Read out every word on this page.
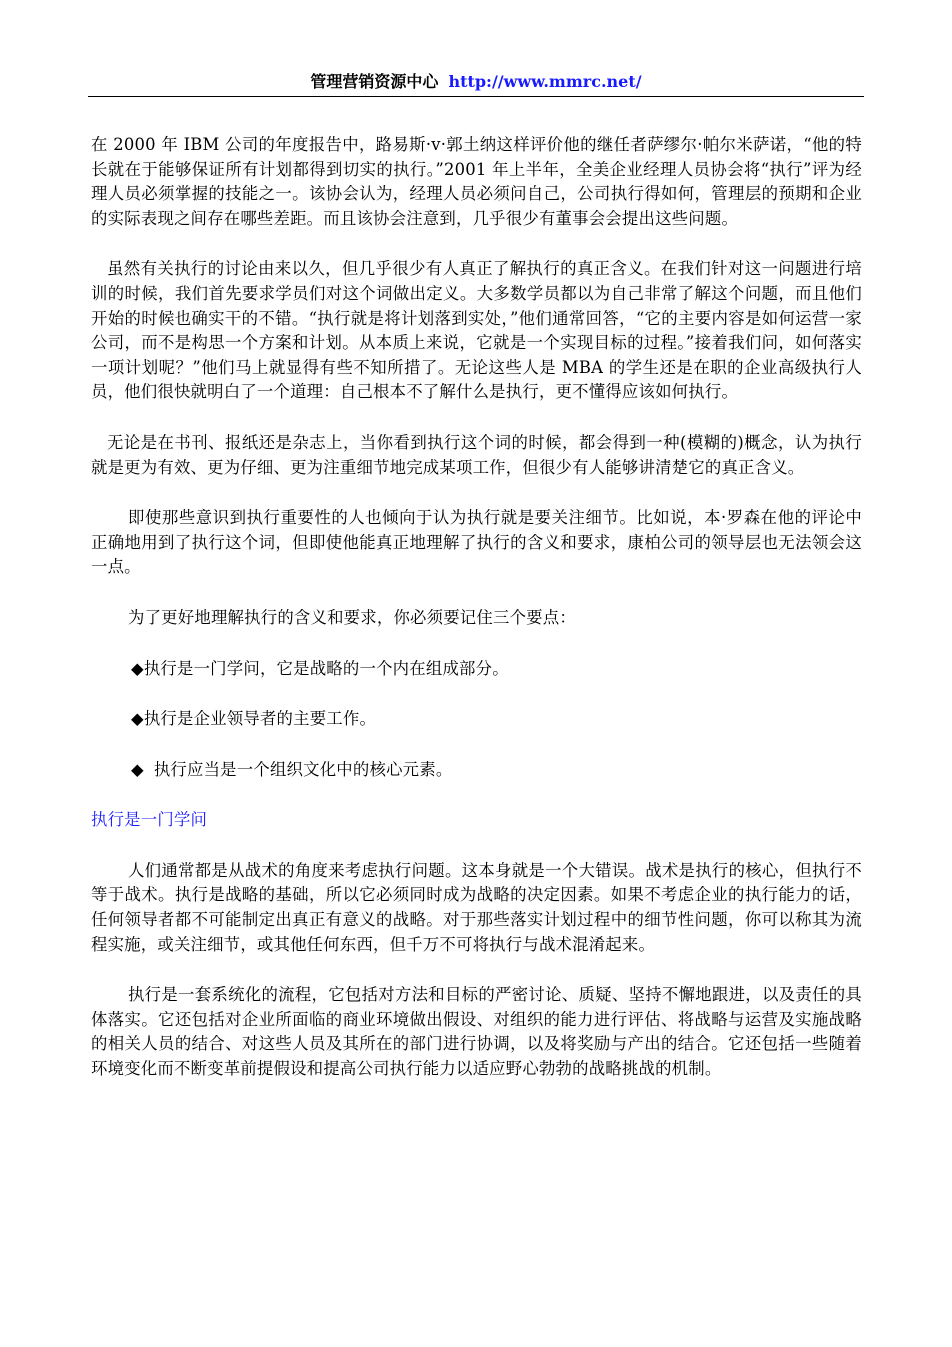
管理营销资源中心 http://www.mmrc.net/

在 2000 年 IBM 公司的年度报告中，路易斯·v·郭土纳这样评价他的继任者萨缪尔·帕尔米萨诺，“他的特长就在于能够保证所有计划都得到切实的执行。”2001 年上半年，全美企业经理人员协会将“执行”评为经理人员必须掌握的技能之一。该协会认为，经理人员必须问自己，公司执行得如何，管理层的预期和企业的实际表现之间存在哪些差距。而且该协会注意到，几乎很少有董事会会提出这些问题。

虽然有关执行的讨论由来以久，但几乎很少有人真正了解执行的真正含义。在我们针对这一问题进行培训的时候，我们首先要求学员们对这个词做出定义。大多数学员都以为自己非常了解这个问题，而且他们开始的时候也确实干的不错。“执行就是将计划落到实处，”他们通常回答，“它的主要内容是如何运营一家公司，而不是构思一个方案和计划。从本质上来说，它就是一个实现目标的过程。”接着我们问，如何落实一项计划呢？”他们马上就显得有些不知所措了。无论这些人是 MBA 的学生还是在职的企业高级执行人员，他们很快就明白了一个道理：自己根本不了解什么是执行，更不懂得应该如何执行。

无论是在书刊、报纸还是杂志上，当你看到执行这个词的时候，都会得到一种(模糊的)概念，认为执行就是更为有效、更为仔细、更为注重细节地完成某项工作，但很少有人能够讲清楚它的真正含义。

即使那些意识到执行重要性的人也倾向于认为执行就是要关注细节。比如说，本·罗森在他的评论中正确地用到了执行这个词，但即使他能真正地理解了执行的含义和要求，康柏公司的领导层也无法领会这一点。

为了更好地理解执行的含义和要求，你必须要记住三个要点：

◆执行是一门学问，它是战略的一个内在组成部分。

◆执行是企业领导者的主要工作。

◆ 执行应当是一个组织文化中的核心元素。

执行是一门学问

人们通常都是从战术的角度来考虑执行问题。这本身就是一个大错误。战术是执行的核心，但执行不等于战术。执行是战略的基础，所以它必须同时成为战略的决定因素。如果不考虑企业的执行能力的话，任何领导者都不可能制定出真正有意义的战略。对于那些落实计划过程中的细节性问题，你可以称其为流程实施，或关注细节，或其他任何东西，但千万不可将执行与战术混淆起来。

执行是一套系统化的流程，它包括对方法和目标的严密讨论、质疑、坚持不懈地跟进，以及责任的具体落实。它还包括对企业所面临的商业环境做出假设、对组织的能力进行评估、将战略与运营及实施战略的相关人员的结合、对这些人员及其所在的部门进行协调，以及将奖励与产出的结合。它还包括一些随着环境变化而不断变革前提假设和提高公司执行能力以适应野心勃勃的战略挑战的机制。
